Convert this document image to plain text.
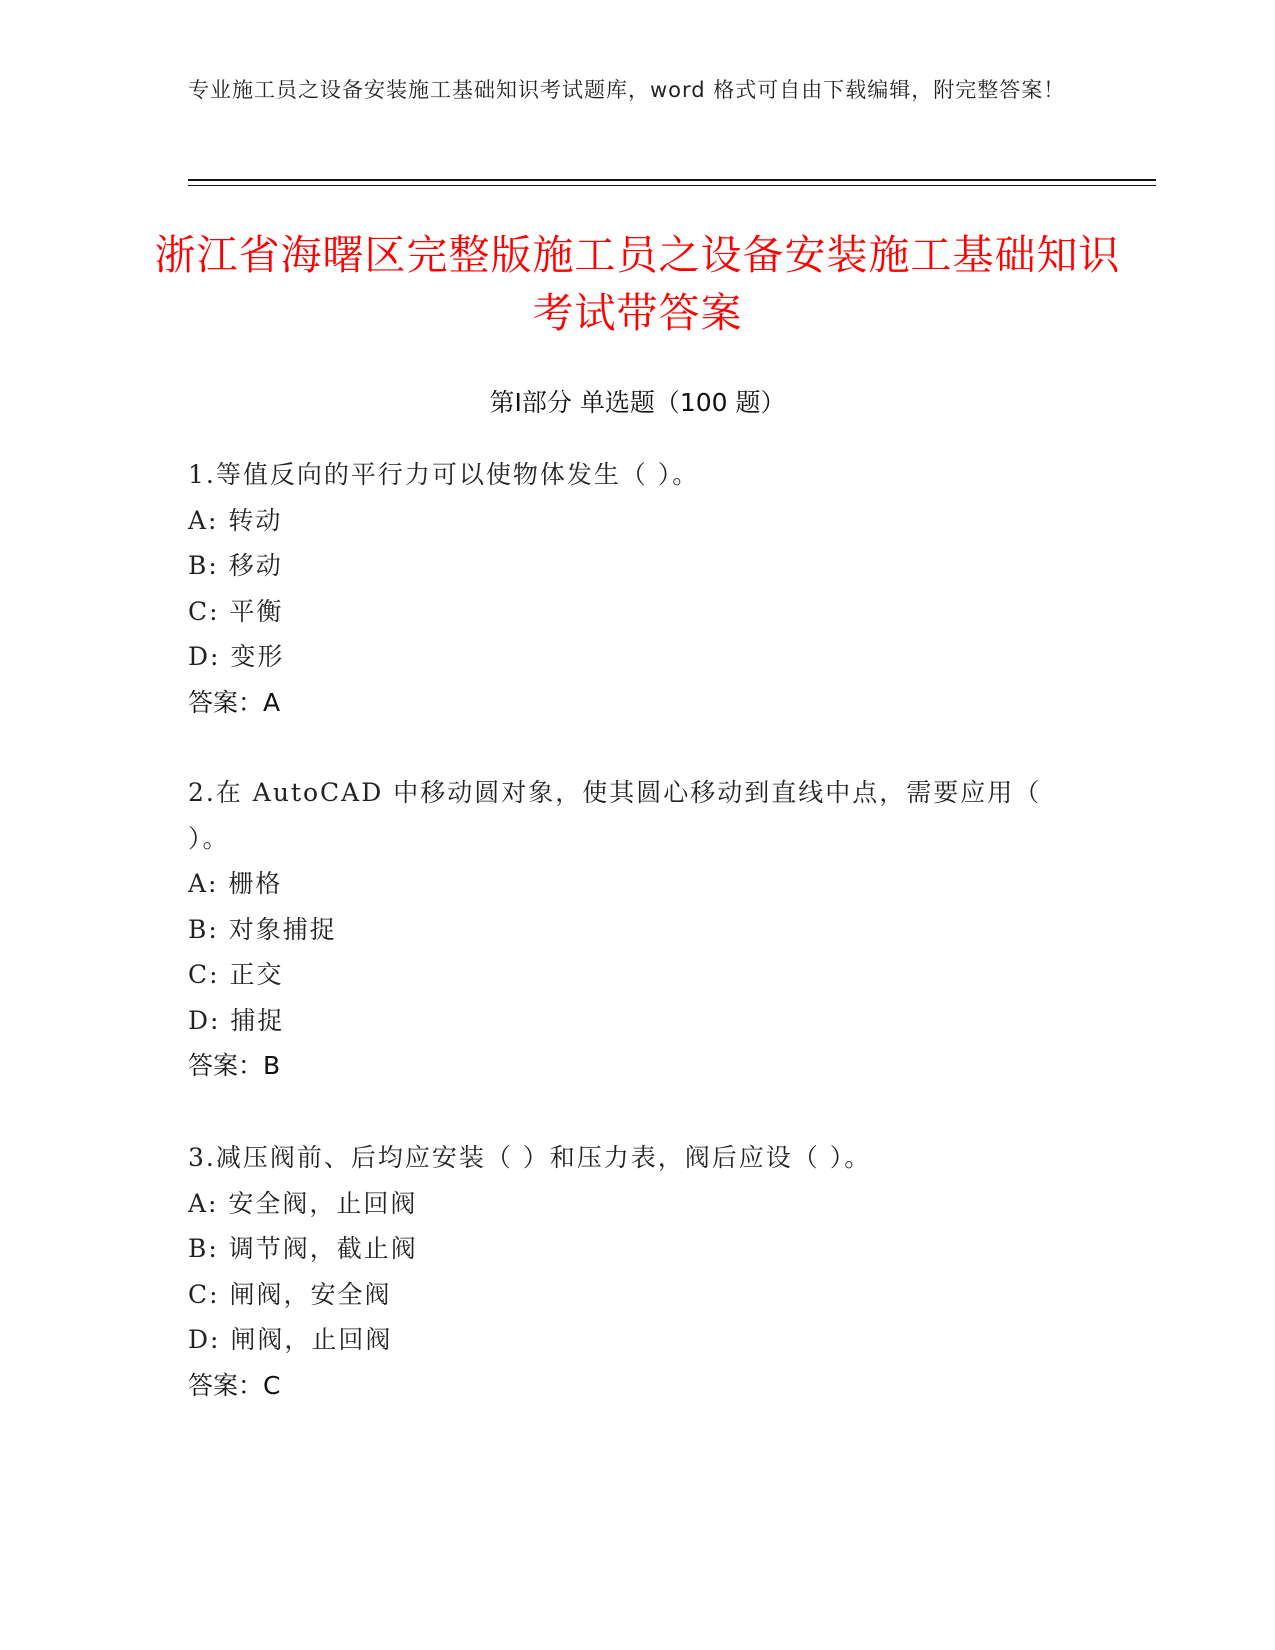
专业施工员之设备安装施工基础知识考试题库，word 格式可自由下载编辑，附完整答案！
浙江省海曙区完整版施工员之设备安装施工基础知识考试带答案
第Ⅰ部分 单选题（100 题）
1.等值反向的平行力可以使物体发生（ ）。
A: 转动
B: 移动
C: 平衡
D: 变形
答案：A
2.在 AutoCAD 中移动圆对象，使其圆心移动到直线中点，需要应用（ ）。
A: 栅格
B: 对象捕捉
C: 正交
D: 捕捉
答案：B
3.减压阀前、后均应安装（ ）和压力表，阀后应设（ ）。
A: 安全阀，止回阀
B: 调节阀，截止阀
C: 闸阀，安全阀
D: 闸阀，止回阀
答案：C
